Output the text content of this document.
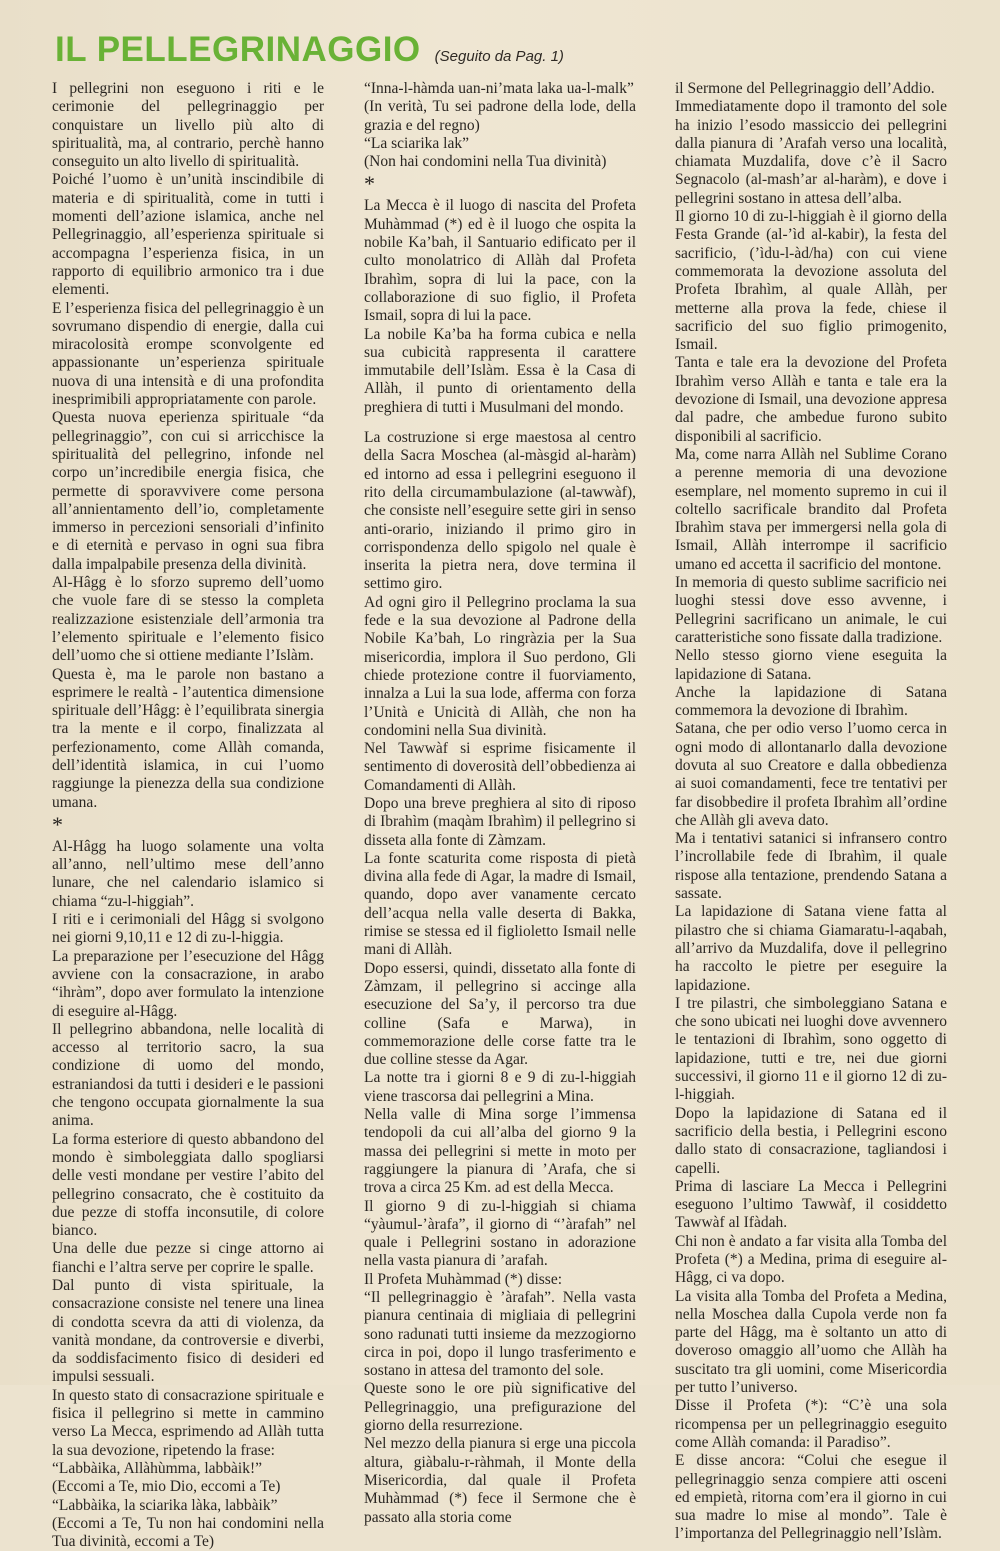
IL PELLEGRINAGGIO (Seguito da Pag. 1)

I pellegrini non eseguono i riti e le cerimonie del pellegrinaggio per conquistare un livello più alto di spiritualità, ma, al contrario, perchè hanno conseguito un alto livello di spiritualità.

Poiché l’uomo è un’unità inscindibile di materia e di spiritualità, come in tutti i momenti dell’azione islamica, anche nel Pellegrinaggio, all’esperienza spirituale si accompagna l’esperienza fisica, in un rapporto di equilibrio armonico tra i due elementi.

E l’esperienza fisica del pellegrinaggio è un sovrumano dispendio di energie, dalla cui miracolosità erompe sconvolgente ed appassionante un’esperienza spirituale nuova di una intensità e di una profondita inesprimibili appropriatamente con parole.

Questa nuova eperienza spirituale “da pellegrinaggio”, con cui si arricchisce la spiritualità del pellegrino, infonde nel corpo un’incredibile energia fisica, che permette di sporavvivere come persona all’annientamento dell’io, completamente immerso in percezioni sensoriali d’infinito e di eternità e pervaso in ogni sua fibra dalla impalpabile presenza della divinità.

Al-Hâgg è lo sforzo supremo dell’uomo che vuole fare di se stesso la completa realizzazione esistenziale dell’armonia tra l’elemento spirituale e l’elemento fisico dell’uomo che si ottiene mediante l’Islàm.

Questa è, ma le parole non bastano a esprimere le realtà - l’autentica dimensione spirituale dell’Hâgg: è l’equilibrata sinergia tra la mente e il corpo, finalizzata al perfezionamento, come Allàh comanda, dell’identità islamica, in cui l’uomo raggiunge la pienezza della sua condizione umana.

*

Al-Hâgg ha luogo solamente una volta all’anno, nell’ultimo mese dell’anno lunare, che nel calendario islamico si chiama “zu-l-higgiah”.

I riti e i cerimoniali del Hâgg si svolgono nei giorni 9,10,11 e 12 di zu-l-higgia.

La preparazione per l’esecuzione del Hâgg avviene con la consacrazione, in arabo “ihràm”, dopo aver formulato la intenzione di eseguire al-Hâgg.

Il pellegrino abbandona, nelle località di accesso al territorio sacro, la sua condizione di uomo del mondo, estraniandosi da tutti i desideri e le passioni che tengono occupata giornalmente la sua anima.

La forma esteriore di questo abbandono del mondo è simboleggiata dallo spogliarsi delle vesti mondane per vestire l’abito del pellegrino consacrato, che è costituito da due pezze di stoffa inconsutile, di colore bianco.

Una delle due pezze si cinge attorno ai fianchi e l’altra serve per coprire le spalle.

Dal punto di vista spirituale, la consacrazione consiste nel tenere una linea di condotta scevra da atti di violenza, da vanità mondane, da controversie e diverbi, da soddisfacimento fisico di desideri ed impulsi sessuali.

In questo stato di consacrazione spirituale e fisica il pellegrino si mette in cammino verso La Mecca, esprimendo ad Allàh tutta la sua devozione, ripetendo la frase:

“Labbàika, Allàhùmma, labbàik!”

(Eccomi a Te, mio Dio, eccomi a Te)

“Labbàika, la sciarika làka, labbàik”

(Eccomi a Te, Tu non hai condomini nella Tua divinità, eccomi a Te)

“Inna-l-hàmda uan-ni’mata laka ua-l-malk”

(In verità, Tu sei padrone della lode, della grazia e del regno)

“La sciarika lak”

(Non hai condomini nella Tua divinità)

*

La Mecca è il luogo di nascita del Profeta Muhàmmad (*) ed è il luogo che ospita la nobile Ka’bah, il Santuario edificato per il culto monolatrico di Allàh dal Profeta Ibrahìm, sopra di lui la pace, con la collaborazione di suo figlio, il Profeta Ismail, sopra di lui la pace.

La nobile Ka’ba ha forma cubica e nella sua cubicità rappresenta il carattere immutabile dell’Islàm. Essa è la Casa di Allàh, il punto di orientamento della preghiera di tutti i Musulmani del mondo.

La costruzione si erge maestosa al centro della Sacra Moschea (al-màsgid al-haràm) ed intorno ad essa i pellegrini eseguono il rito della circumambulazione (al-tawwàf), che consiste nell’eseguire sette giri in senso anti-orario, iniziando il primo giro in corrispondenza dello spigolo nel quale è inserita la pietra nera, dove termina il settimo giro.

Ad ogni giro il Pellegrino proclama la sua fede e la sua devozione al Padrone della Nobile Ka’bah, Lo ringràzia per la Sua misericordia, implora il Suo perdono, Gli chiede protezione contre il fuorviamento, innalza a Lui la sua lode, afferma con forza l’Unità e Unicità di Allàh, che non ha condomini nella Sua divinità.

Nel Tawwàf si esprime fisicamente il sentimento di doverosità dell’obbedienza ai Comandamenti di Allàh.

Dopo una breve preghiera al sito di riposo di Ibrahìm (maqàm Ibrahìm) il pellegrino si disseta alla fonte di Zàmzam.

La fonte scaturita come risposta di pietà divina alla fede di Agar, la madre di Ismail, quando, dopo aver vanamente cercato dell’acqua nella valle deserta di Bakka, rimise se stessa ed il figlioletto Ismail nelle mani di Allàh.

Dopo essersi, quindi, dissetato alla fonte di Zàmzam, il pellegrino si accinge alla esecuzione del Sa’y, il percorso tra due colline (Safa e Marwa), in commemorazione delle corse fatte tra le due colline stesse da Agar.

La notte tra i giorni 8 e 9 di zu-l-higgiah viene trascorsa dai pellegrini a Mina.

Nella valle di Mina sorge l’immensa tendopoli da cui all’alba del giorno 9 la massa dei pellegrini si mette in moto per raggiungere la pianura di ’Arafa, che si trova a circa 25 Km. ad est della Mecca.

Il giorno 9 di zu-l-higgiah si chiama “yàumul-’àrafa”, il giorno di “’àrafah” nel quale i Pellegrini sostano in adorazione nella vasta pianura di ’arafah.

Il Profeta Muhàmmad (*) disse:

“Il pellegrinaggio è ’àrafah”. Nella vasta pianura centinaia di migliaia di pellegrini sono radunati tutti insieme da mezzogiorno circa in poi, dopo il lungo trasferimento e sostano in attesa del tramonto del sole.

Queste sono le ore più significative del Pellegrinaggio, una prefigurazione del giorno della resurrezione.

Nel mezzo della pianura si erge una piccola altura, giàbalu-r-ràhmah, il Monte della Misericordia, dal quale il Profeta Muhàmmad (*) fece il Sermone che è passato alla storia come

il Sermone del Pellegrinaggio dell’Addio.

Immediatamente dopo il tramonto del sole ha inizio l’esodo massiccio dei pellegrini dalla pianura di ’Arafah verso una località, chiamata Muzdalifa, dove c’è il Sacro Segnacolo (al-mash’ar al-haràm), e dove i pellegrini sostano in attesa dell’alba.

Il giorno 10 di zu-l-higgiah è il giorno della Festa Grande (al-’ìd al-kabir), la festa del sacrificio, (’ìdu-l-àd/ha) con cui viene commemorata la devozione assoluta del Profeta Ibrahìm, al quale Allàh, per metterne alla prova la fede, chiese il sacrificio del suo figlio primogenito, Ismail.

Tanta e tale era la devozione del Profeta Ibrahìm verso Allàh e tanta e tale era la devozione di Ismail, una devozione appresa dal padre, che ambedue furono subito disponibili al sacrificio.

Ma, come narra Allàh nel Sublime Corano a perenne memoria di una devozione esemplare, nel momento supremo in cui il coltello sacrificale brandito dal Profeta Ibrahìm stava per immergersi nella gola di Ismail, Allàh interrompe il sacrificio umano ed accetta il sacrificio del montone.

In memoria di questo sublime sacrificio nei luoghi stessi dove esso avvenne, i Pellegrini sacrificano un animale, le cui caratteristiche sono fissate dalla tradizione.

Nello stesso giorno viene eseguita la lapidazione di Satana.

Anche la lapidazione di Satana commemora la devozione di Ibrahìm.

Satana, che per odio verso l’uomo cerca in ogni modo di allontanarlo dalla devozione dovuta al suo Creatore e dalla obbedienza ai suoi comandamenti, fece tre tentativi per far disobbedire il profeta Ibrahìm all’ordine che Allàh gli aveva dato.

Ma i tentativi satanici si infransero contro l’incrollabile fede di Ibrahìm, il quale rispose alla tentazione, prendendo Satana a sassate.

La lapidazione di Satana viene fatta al pilastro che si chiama Giamaratu-l-aqabah, all’arrivo da Muzdalifa, dove il pellegrino ha raccolto le pietre per eseguire la lapidazione.

I tre pilastri, che simboleggiano Satana e che sono ubicati nei luoghi dove avvennero le tentazioni di Ibrahìm, sono oggetto di lapidazione, tutti e tre, nei due giorni successivi, il giorno 11 e il giorno 12 di zu-l-higgiah.

Dopo la lapidazione di Satana ed il sacrificio della bestia, i Pellegrini escono dallo stato di consacrazione, tagliandosi i capelli.

Prima di lasciare La Mecca i Pellegrini eseguono l’ultimo Tawwàf, il cosiddetto Tawwàf al Ifàdah.

Chi non è andato a far visita alla Tomba del Profeta (*) a Medina, prima di eseguire al-Hâgg, ci va dopo.

La visita alla Tomba del Profeta a Medina, nella Moschea dalla Cupola verde non fa parte del Hâgg, ma è soltanto un atto di doveroso omaggio all’uomo che Allàh ha suscitato tra gli uomini, come Misericordia per tutto l’universo.

Disse il Profeta (*): “C’è una sola ricompensa per un pellegrinaggio eseguito come Allàh comanda: il Paradiso”.

E disse ancora: “Colui che esegue il pellegrinaggio senza compiere atti osceni ed empietà, ritorna com’era il giorno in cui sua madre lo mise al mondo”. Tale è l’importanza del Pellegrinaggio nell’Islàm.
